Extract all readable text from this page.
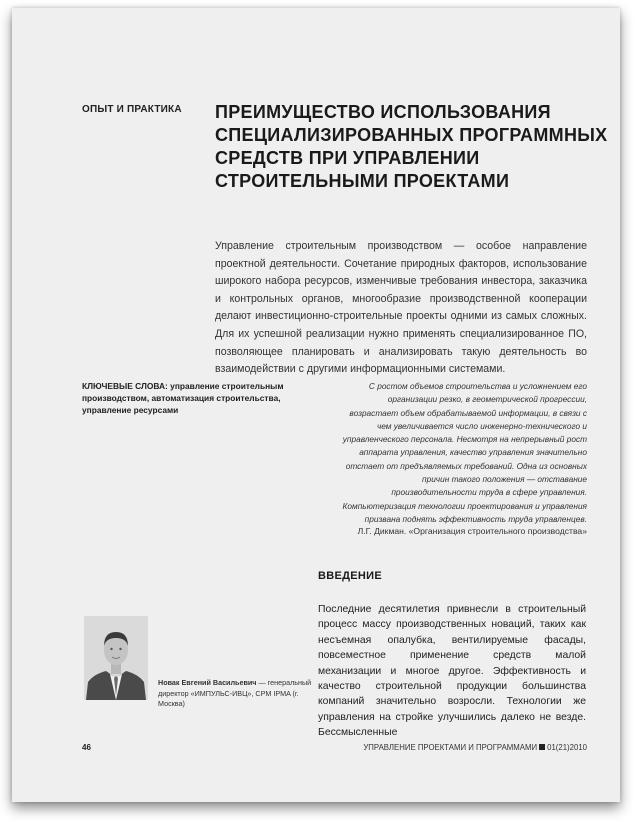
ОПЫТ И ПРАКТИКА ПРЕИМУЩЕСТВО ИСПОЛЬЗОВАНИЯ СПЕЦИАЛИЗИРОВАННЫХ ПРОГРАММНЫХ СРЕДСТВ ПРИ УПРАВЛЕНИИ СТРОИТЕЛЬНЫМИ ПРОЕКТАМИ

Управление строительным производством — особое направление проектной деятельности. Сочетание природных факторов, использование широкого набора ресурсов, изменчивые требования инвестора, заказчика и контрольных органов, многообразие производственной кооперации делают инвестиционно-строительные проекты одними из самых сложных. Для их успешной реализации нужно применять специализированное ПО, позволяющее планировать и анализировать такую деятельность во взаимодействии с другими информационными системами.

КЛЮЧЕВЫЕ СЛОВА: управление строительным производством, автоматизация строительства, управление ресурсами

С ростом объемов строительства и усложнением его организации резко, в геометрической прогрессии, возрастает объем обрабатываемой информации, в связи с чем увеличивается число инженерно-технического и управленческого персонала. Несмотря на непрерывный рост аппарата управления, качество управления значительно отстает от предъявляемых требований. Одна из основных причин такого положения — отставание производительности труда в сфере управления. Компьютеризация технологии проектирования и управления призвана поднять эффективность труда управленцев.

Л.Г. Дикман. «Организация строительного производства»

ВВЕДЕНИЕ

Последние десятилетия привнесли в строительный процесс массу производственных новаций, таких как несъемная опалубка, вентилируемые фасады, повсеместное применение средств малой механизации и многое другое. Эффективность и качество строительной продукции большинства компаний значительно возросли. Технологии же управления на стройке улучшились далеко не везде. Бессмысленные

Новак Евгений Васильевич — генеральный директор «ИМПУЛЬС-ИВЦ», CPM IPMA (г. Москва)
46	УПРАВЛЕНИЕ ПРОЕКТАМИ И ПРОГРАММАМИ 01(21)2010
